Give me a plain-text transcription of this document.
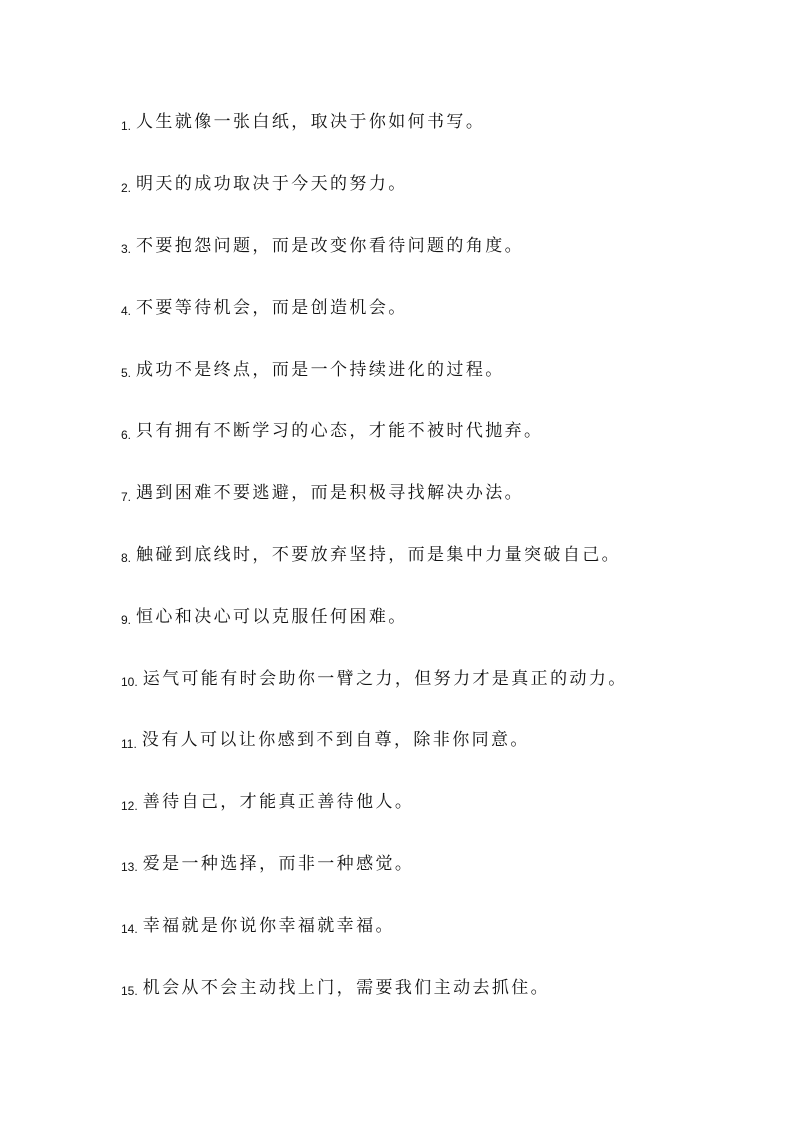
1. 人生就像一张白纸，取决于你如何书写。
2. 明天的成功取决于今天的努力。
3. 不要抱怨问题，而是改变你看待问题的角度。
4. 不要等待机会，而是创造机会。
5. 成功不是终点，而是一个持续进化的过程。
6. 只有拥有不断学习的心态，才能不被时代抛弃。
7. 遇到困难不要逃避，而是积极寻找解决办法。
8. 触碰到底线时，不要放弃坚持，而是集中力量突破自己。
9. 恒心和决心可以克服任何困难。
10. 运气可能有时会助你一臂之力，但努力才是真正的动力。
11. 没有人可以让你感到不到自尊，除非你同意。
12. 善待自己，才能真正善待他人。
13. 爱是一种选择，而非一种感觉。
14. 幸福就是你说你幸福就幸福。
15. 机会从不会主动找上门，需要我们主动去抓住。
